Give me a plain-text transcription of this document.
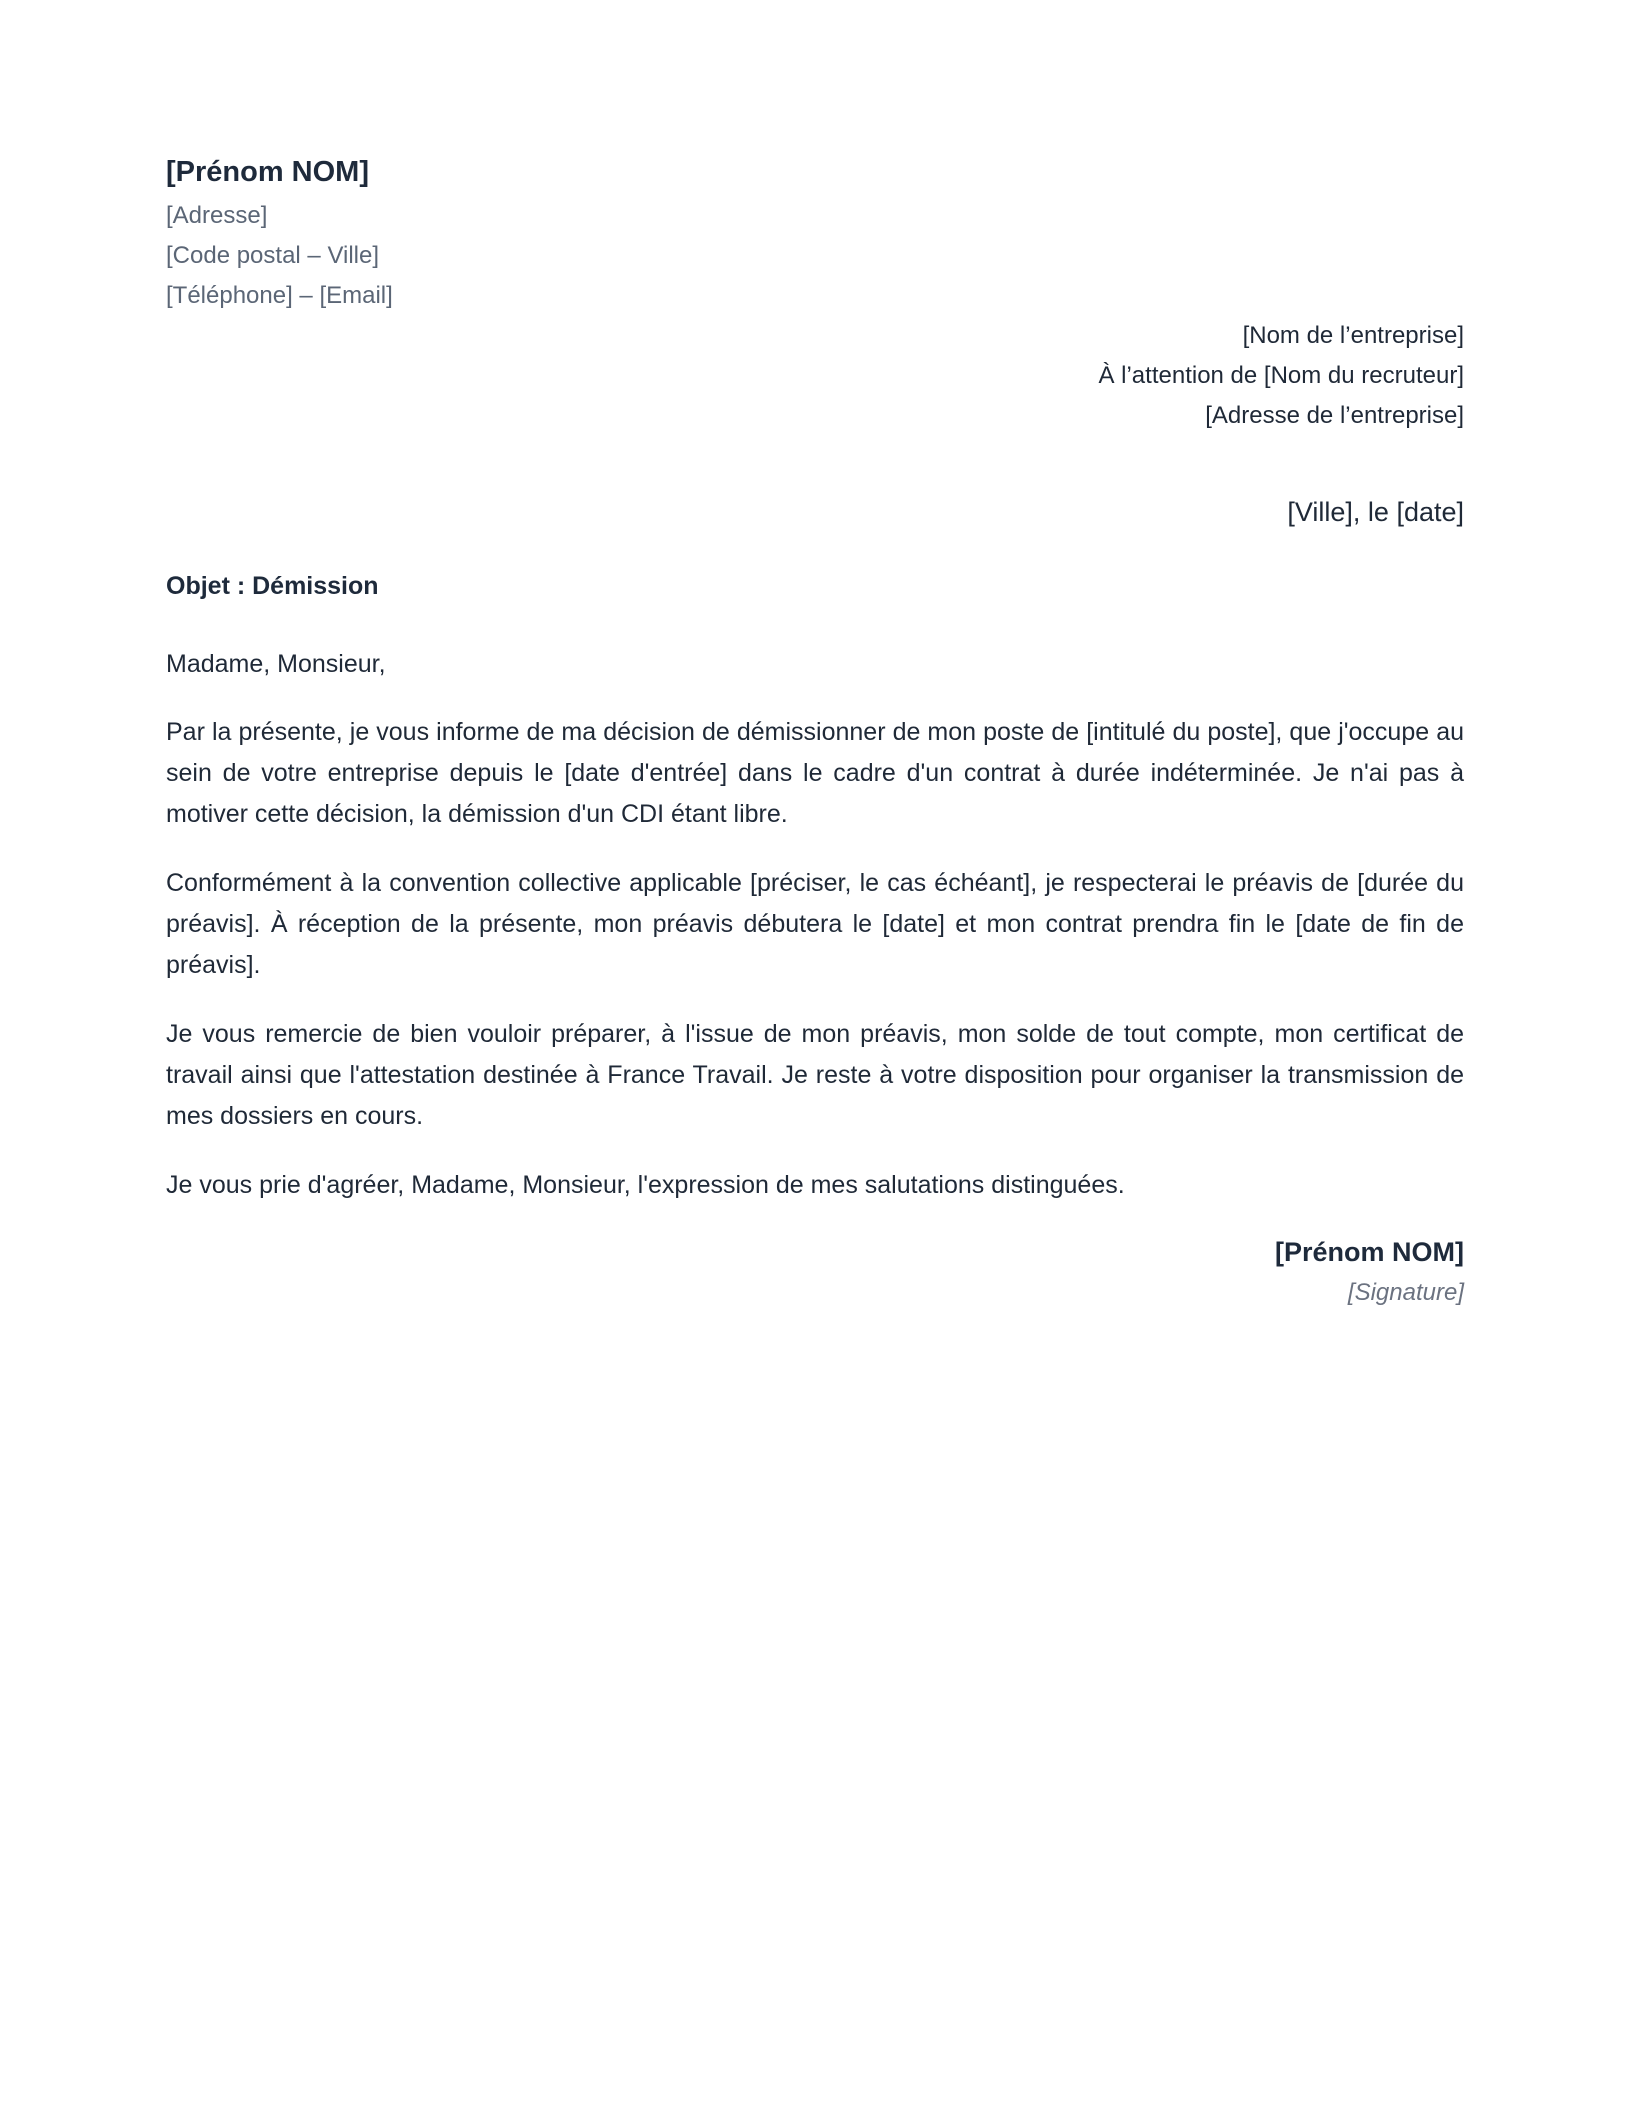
[Prénom NOM]

[Adresse]

[Code postal – Ville]

[Téléphone] – [Email]

[Nom de l’entreprise]

À l’attention de [Nom du recruteur]

[Adresse de l’entreprise]

[Ville], le [date]

Objet : Démission

Madame, Monsieur,

Par la présente, je vous informe de ma décision de démissionner de mon poste de [intitulé du poste], que j'occupe au sein de votre entreprise depuis le [date d'entrée] dans le cadre d'un contrat à durée indéterminée. Je n'ai pas à motiver cette décision, la démission d'un CDI étant libre.

Conformément à la convention collective applicable [préciser, le cas échéant], je respecterai le préavis de [durée du préavis]. À réception de la présente, mon préavis débutera le [date] et mon contrat prendra fin le [date de fin de préavis].

Je vous remercie de bien vouloir préparer, à l'issue de mon préavis, mon solde de tout compte, mon certificat de travail ainsi que l'attestation destinée à France Travail. Je reste à votre disposition pour organiser la transmission de mes dossiers en cours.

Je vous prie d'agréer, Madame, Monsieur, l'expression de mes salutations distinguées.

[Prénom NOM]

[Signature]
